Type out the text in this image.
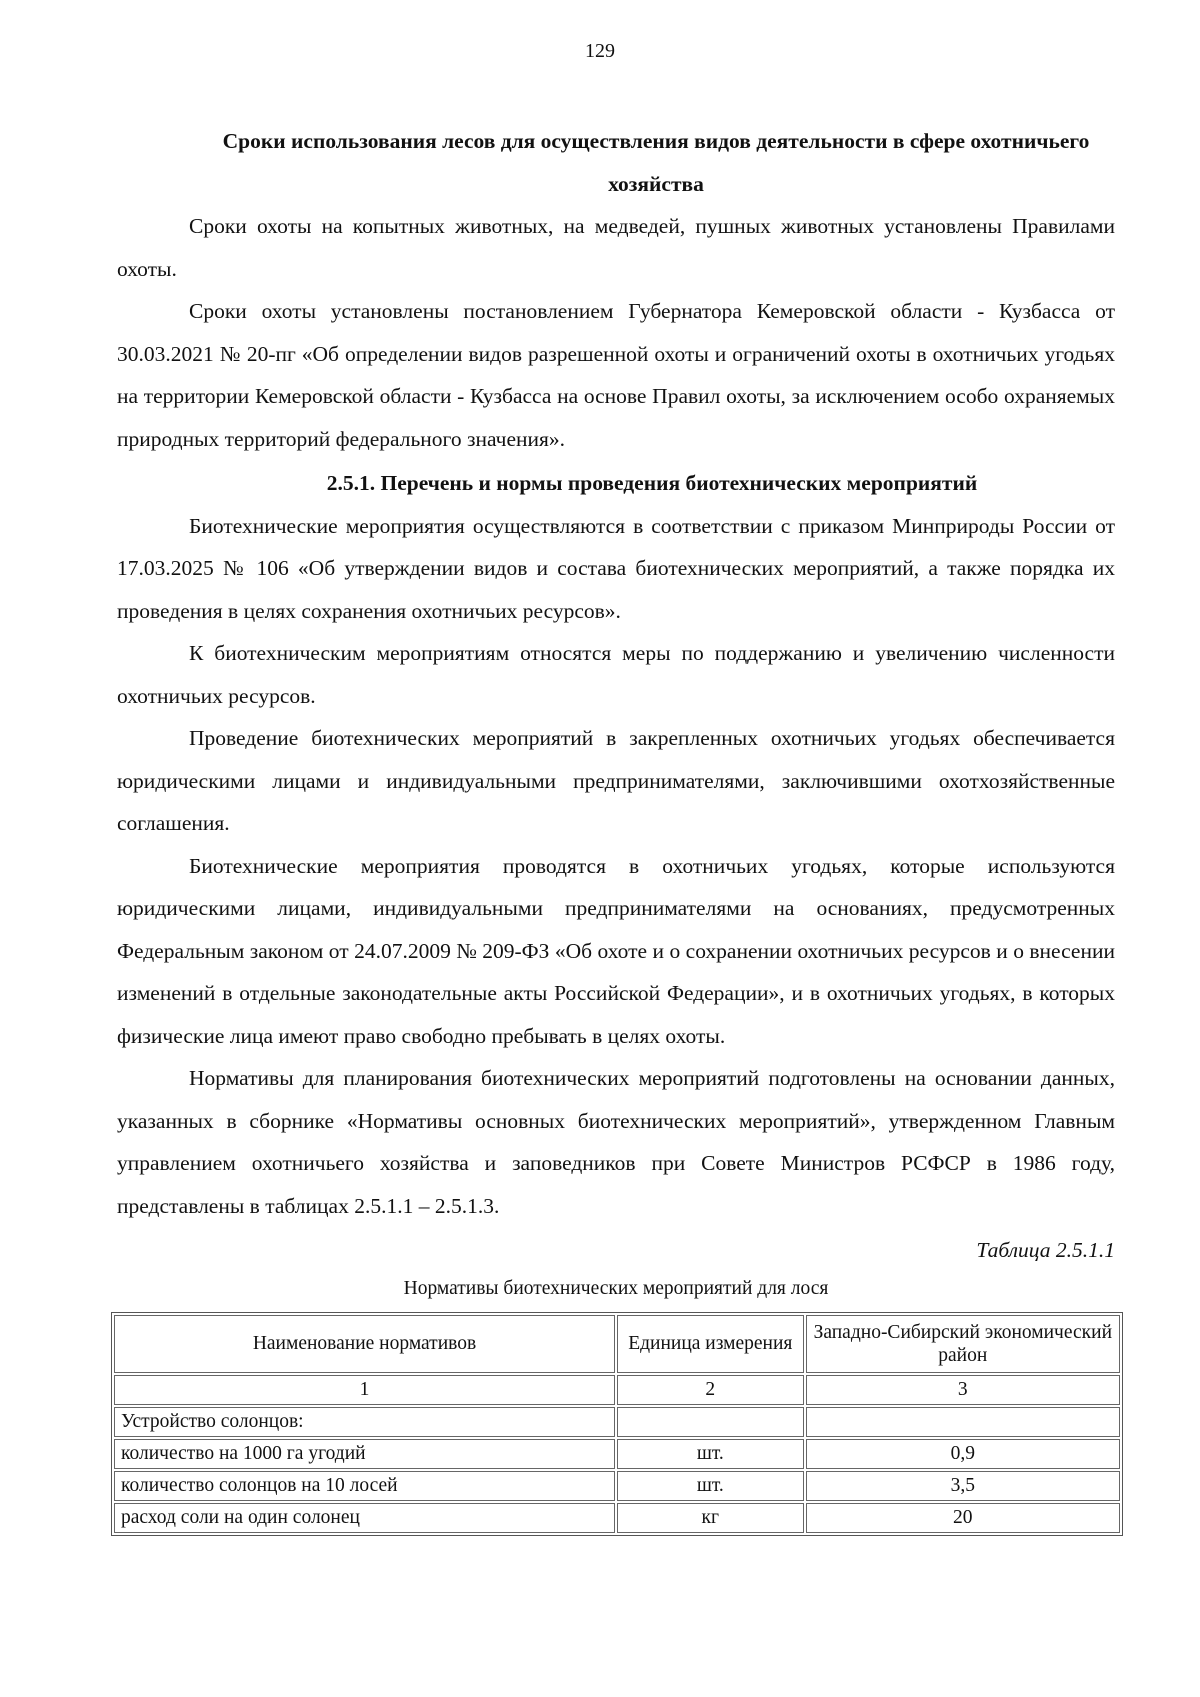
129
Сроки использования лесов для осуществления видов деятельности в сфере охотничьего хозяйства

Сроки охоты на копытных животных, на медведей, пушных животных установлены Правилами охоты.

Сроки охоты установлены постановлением Губернатора Кемеровской области - Кузбасса от 30.03.2021 № 20-пг «Об определении видов разрешенной охоты и ограничений охоты в охотничьих угодьях на территории Кемеровской области - Кузбасса на основе Правил охоты, за исключением особо охраняемых природных территорий федерального значения».

2.5.1. Перечень и нормы проведения биотехнических мероприятий

Биотехнические мероприятия осуществляются в соответствии с приказом Минприроды России от 17.03.2025 № 106 «Об утверждении видов и состава биотехнических мероприятий, а также порядка их проведения в целях сохранения охотничьих ресурсов».

К биотехническим мероприятиям относятся меры по поддержанию и увеличению численности охотничьих ресурсов.

Проведение биотехнических мероприятий в закрепленных охотничьих угодьях обеспечивается юридическими лицами и индивидуальными предпринимателями, заключившими охотхозяйственные соглашения.

Биотехнические мероприятия проводятся в охотничьих угодьях, которые используются юридическими лицами, индивидуальными предпринимателями на основаниях, предусмотренных Федеральным законом от 24.07.2009 № 209-ФЗ «Об охоте и о сохранении охотничьих ресурсов и о внесении изменений в отдельные законодательные акты Российской Федерации», и в охотничьих угодьях, в которых физические лица имеют право свободно пребывать в целях охоты.

Нормативы для планирования биотехнических мероприятий подготовлены на основании данных, указанных в сборнике «Нормативы основных биотехнических мероприятий», утвержденном Главным управлением охотничьего хозяйства и заповедников при Совете Министров РСФСР в 1986 году, представлены в таблицах 2.5.1.1 – 2.5.1.3.

Таблица 2.5.1.1
Нормативы биотехнических мероприятий для лося
Наименование нормативов	Единица измерения	Западно-Сибирский экономический район
1	2	3
Устройство солонцов:		
количество на 1000 га угодий	шт.	0,9
количество солонцов на 10 лосей	шт.	3,5
расход соли на один солонец	кг	20
